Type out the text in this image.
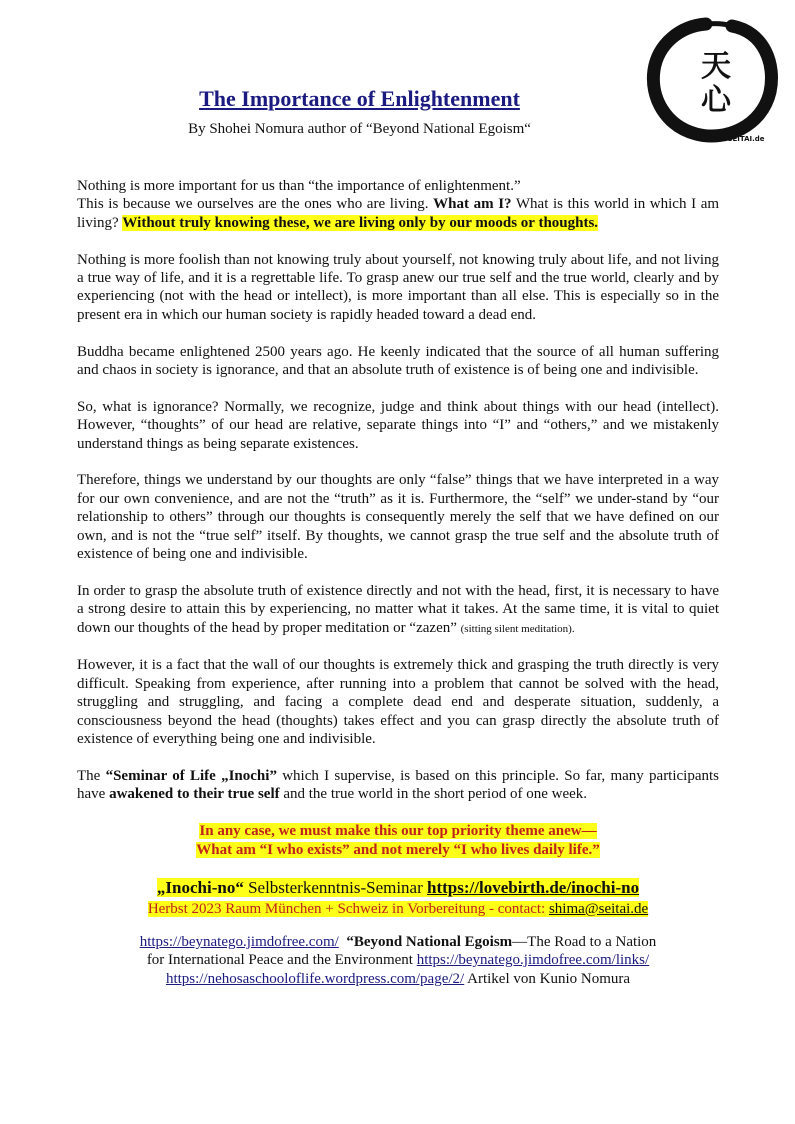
天
心
SEITAI.de
The Importance of Enlightenment
By Shohei Nomura author of “Beyond National Egoism“

Nothing is more important for us than “the importance of enlightenment.”
This is because we ourselves are the ones who are living. What am I? What is this world in which I am living? Without truly knowing these, we are living only by our moods or thoughts.

Nothing is more foolish than not knowing truly about yourself, not knowing truly about life, and not living a true way of life, and it is a regrettable life. To grasp anew our true self and the true world, clearly and by experiencing (not with the head or intellect), is more important than all else. This is especially so in the present era in which our human society is rapidly headed toward a dead end.

Buddha became enlightened 2500 years ago. He keenly indicated that the source of all human suffering and chaos in society is ignorance, and that an absolute truth of existence is of being one and indivisible.

So, what is ignorance? Normally, we recognize, judge and think about things with our head (intellect). However, “thoughts” of our head are relative, separate things into “I” and “others,” and we mistakenly understand things as being separate existences.

Therefore, things we understand by our thoughts are only “false” things that we have interpreted in a way for our own convenience, and are not the “truth” as it is. Furthermore, the “self” we under-stand by “our relationship to others” through our thoughts is consequently merely the self that we have defined on our own, and is not the “true self” itself. By thoughts, we cannot grasp the true self and the absolute truth of existence of being one and indivisible.

In order to grasp the absolute truth of existence directly and not with the head, first, it is necessary to have a strong desire to attain this by experiencing, no matter what it takes. At the same time, it is vital to quiet down our thoughts of the head by proper meditation or “zazen” (sitting silent meditation).

However, it is a fact that the wall of our thoughts is extremely thick and grasping the truth directly is very difficult. Speaking from experience, after running into a problem that cannot be solved with the head, struggling and struggling, and facing a complete dead end and desperate situation, suddenly, a consciousness beyond the head (thoughts) takes effect and you can grasp directly the absolute truth of existence of everything being one and indivisible.

The “Seminar of Life „Inochi” which I supervise, is based on this principle. So far, many participants have awakened to their true self and the true world in the short period of one week.

In any case, we must make this our top priority theme anew—
What am “I who exists” and not merely “I who lives daily life.”

„Inochi-no“ Selbsterkenntnis-Seminar https://lovebirth.de/inochi-no
Herbst 2023 Raum München + Schweiz in Vorbereitung - contact: shima@seitai.de

https://beynatego.jimdofree.com/ “Beyond National Egoism—The Road to a Nation
for International Peace and the Environment https://beynatego.jimdofree.com/links/
https://nehosaschooloflife.wordpress.com/page/2/ Artikel von Kunio Nomura
